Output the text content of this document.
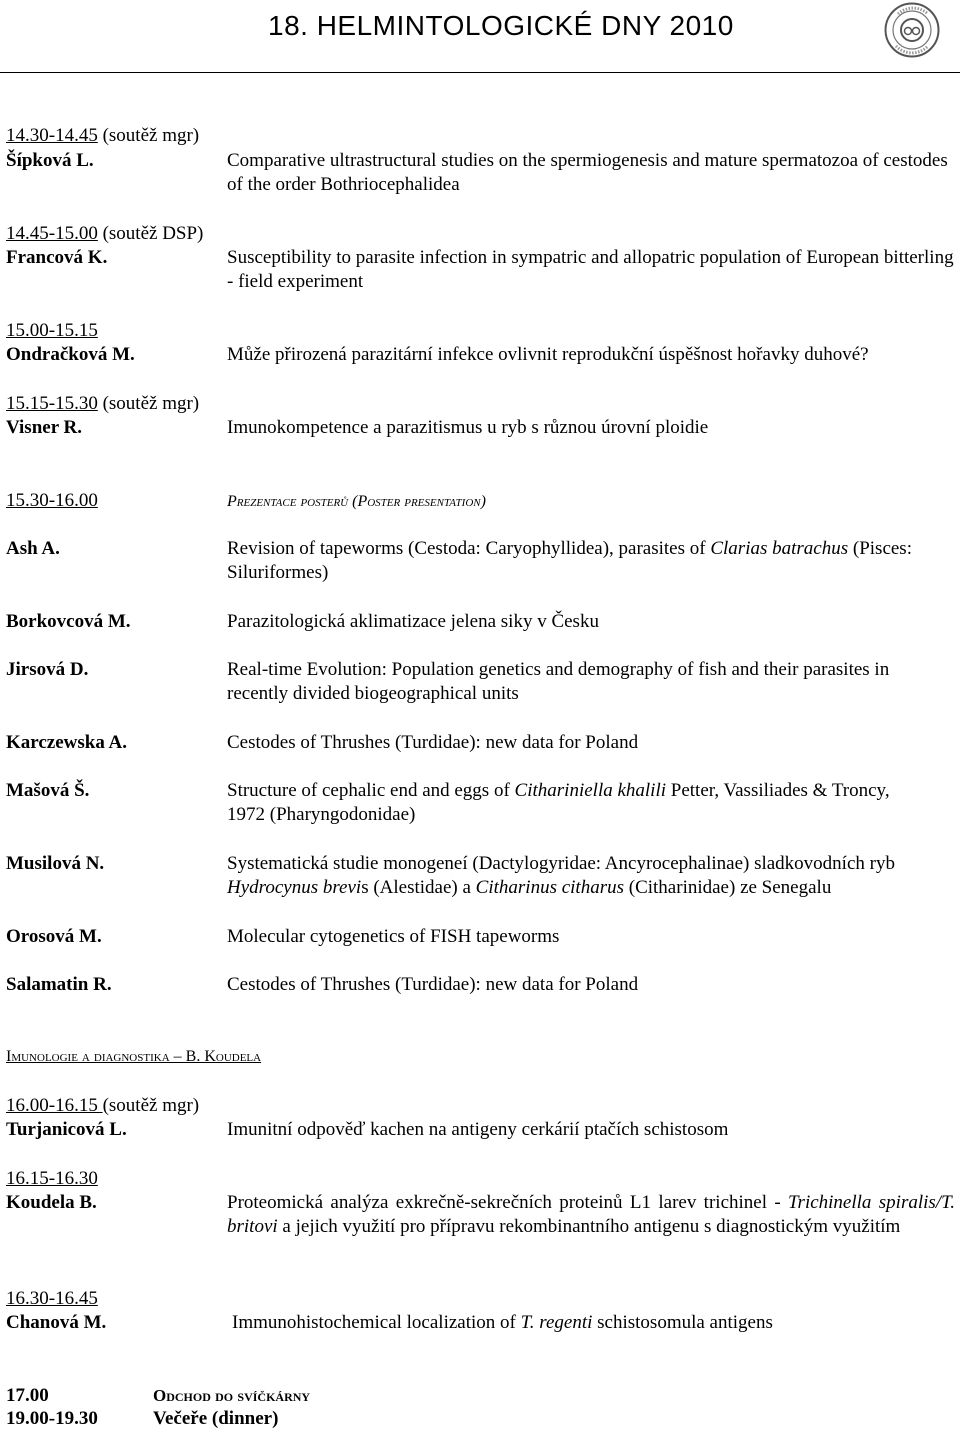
18. HELMINTOLOGICKÉ DNY 2010
14.30-14.45 (soutěž mgr)
Šípková L.	Comparative ultrastructural studies on the spermiogenesis and mature spermatozoa of cestodes of the order Bothriocephalidea
14.45-15.00 (soutěž DSP)
Francová K.	Susceptibility to parasite infection in sympatric and allopatric population of European bitterling - field experiment
15.00-15.15
Ondračková M.	Může přirozená parazitární infekce ovlivnit reprodukční úspěšnost hořavky duhové?
15.15-15.30 (soutěž mgr)
Visner R.	Imunokompetence a parazitismus u ryb s různou úrovní ploidie
15.30-16.00	Prezentace posterů (Poster presentation)
Ash A.	Revision of tapeworms (Cestoda: Caryophyllidea), parasites of Clarias batrachus (Pisces: Siluriformes)
Borkovcová M.	Parazitologická aklimatizace jelena siky v Česku
Jirsová D.	Real-time Evolution: Population genetics and demography of fish and their parasites in recently divided biogeographical units
Karczewska A.	Cestodes of Thrushes (Turdidae): new data for Poland
Mašová Š.	Structure of cephalic end and eggs of Cithariniella khalili Petter, Vassiliades & Troncy, 1972 (Pharyngodonidae)
Musilová N.	Systematická studie monogeneí (Dactylogyridae: Ancyrocephalinae) sladkovodních ryb Hydrocynus brevis (Alestidae) a Citharinus citharus (Citharinidae) ze Senegalu
Orosová M.	Molecular cytogenetics of FISH tapeworms
Salamatin R.	Cestodes of Thrushes (Turdidae): new data for Poland
Imunologie a diagnostika – B. Koudela
16.00-16.15 (soutěž mgr)
Turjanicová L.	Imunitní odpověď kachen na antigeny cerkárií ptačích schistosom
16.15-16.30
Koudela B.	Proteomická analýza exkrečně-sekrečních proteinů L1 larev trichinel - Trichinella spiralis/T. britovi a jejich využití pro přípravu rekombinantního antigenu s diagnostickým využitím
16.30-16.45
Chanová M.	Immunohistochemical localization of T. regenti schistosomula antigens
17.00	Odchod do svíčkárny
19.00-19.30	Večeře (dinner)
